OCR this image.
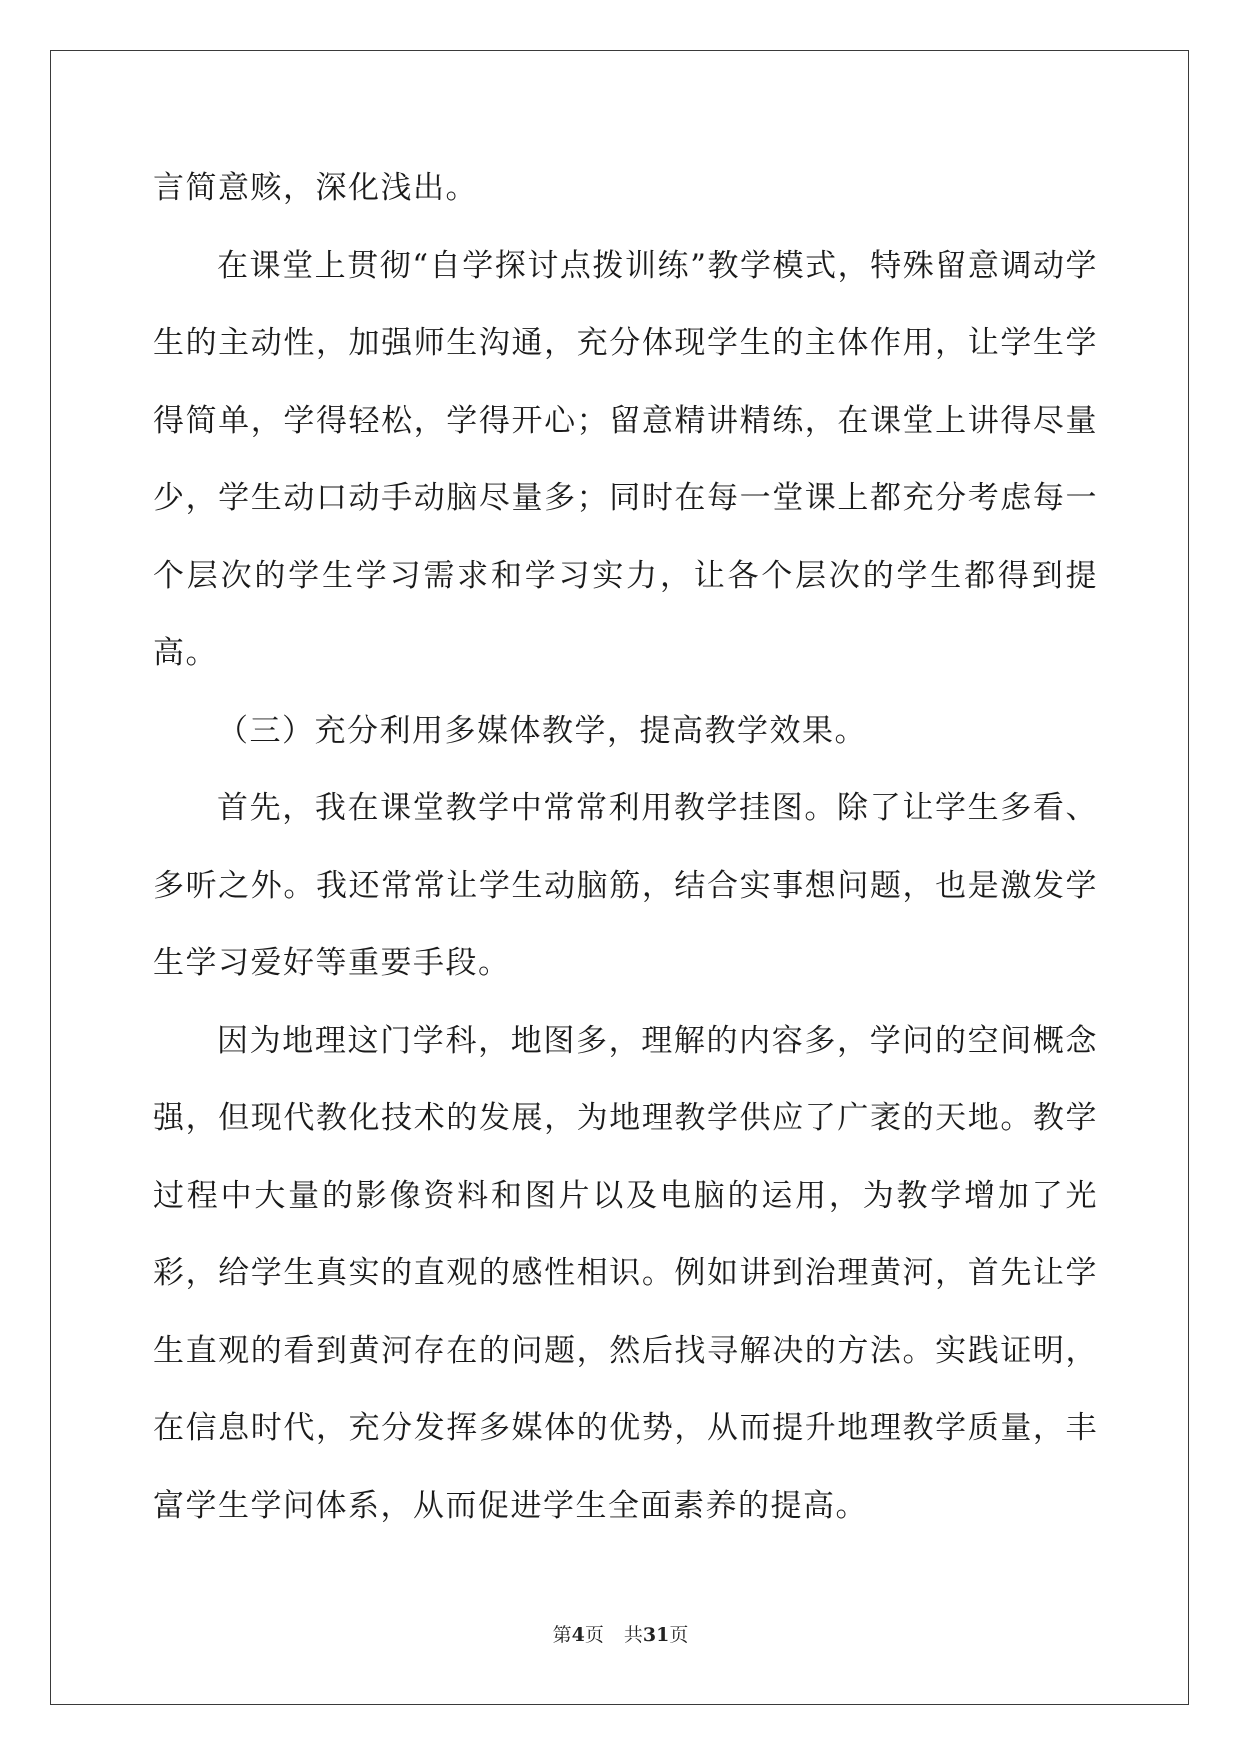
言简意赅，深化浅出。

在课堂上贯彻“自学探讨点拨训练”教学模式，特殊留意调动学生的主动性，加强师生沟通，充分体现学生的主体作用，让学生学得简单，学得轻松，学得开心；留意精讲精练，在课堂上讲得尽量少，学生动口动手动脑尽量多；同时在每一堂课上都充分考虑每一个层次的学生学习需求和学习实力，让各个层次的学生都得到提高。

（三）充分利用多媒体教学，提高教学效果。

首先，我在课堂教学中常常利用教学挂图。除了让学生多看、多听之外。我还常常让学生动脑筋，结合实事想问题，也是激发学生学习爱好等重要手段。

因为地理这门学科，地图多，理解的内容多，学问的空间概念强，但现代教化技术的发展，为地理教学供应了广袤的天地。教学过程中大量的影像资料和图片以及电脑的运用，为教学增加了光彩，给学生真实的直观的感性相识。例如讲到治理黄河，首先让学生直观的看到黄河存在的问题，然后找寻解决的方法。实践证明，在信息时代，充分发挥多媒体的优势，从而提升地理教学质量，丰富学生学问体系，从而促进学生全面素养的提高。

第4页 共31页
